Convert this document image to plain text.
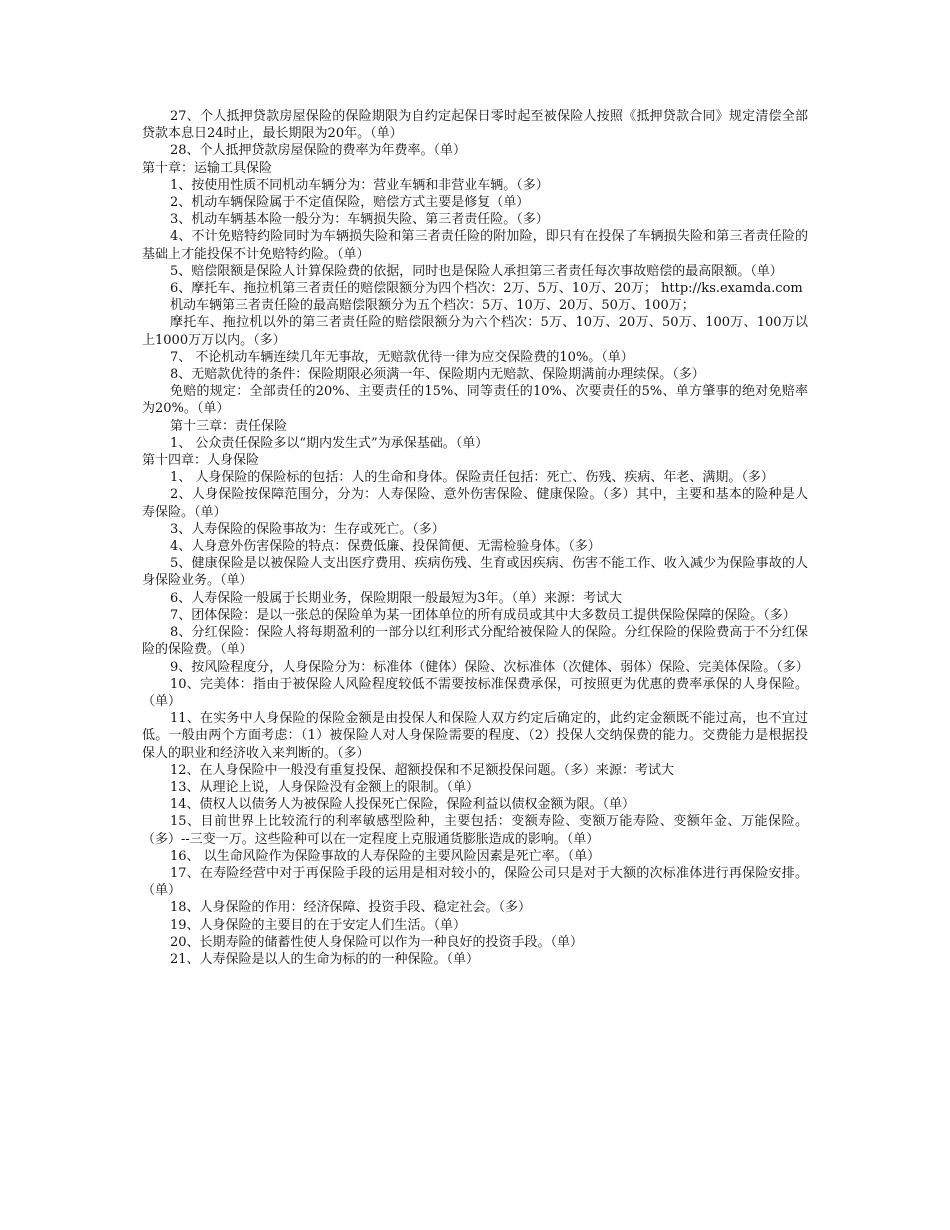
27、个人抵押贷款房屋保险的保险期限为自约定起保日零时起至被保险人按照《抵押贷款合同》规定清偿全部贷款本息日24时止，最长期限为20年。（单）

28、个人抵押贷款房屋保险的费率为年费率。（单）

第十章：运输工具保险

1、按使用性质不同机动车辆分为：营业车辆和非营业车辆。（多）

2、机动车辆保险属于不定值保险，赔偿方式主要是修复（单）

3、机动车辆基本险一般分为：车辆损失险、第三者责任险。（多）

4、不计免赔特约险同时为车辆损失险和第三者责任险的附加险，即只有在投保了车辆损失险和第三者责任险的基础上才能投保不计免赔特约险。（单）

5、赔偿限额是保险人计算保险费的依据，同时也是保险人承担第三者责任每次事故赔偿的最高限额。（单）

6、摩托车、拖拉机第三者责任的赔偿限额分为四个档次：2万、5万、10万、20万； http://ks.examda.com

机动车辆第三者责任险的最高赔偿限额分为五个档次：5万、10万、20万、50万、100万；

摩托车、拖拉机以外的第三者责任险的赔偿限额分为六个档次：5万、10万、20万、50万、100万、100万以上1000万万以内。（多）

7、 不论机动车辆连续几年无事故，无赔款优待一律为应交保险费的10%。（单）

8、无赔款优待的条件：保险期限必须满一年、保险期内无赔款、保险期满前办理续保。（多）

免赔的规定：全部责任的20%、主要责任的15%、同等责任的10%、次要责任的5%、单方肇事的绝对免赔率为20%。（单）

第十三章：责任保险

1、 公众责任保险多以“期内发生式”为承保基础。（单）

第十四章：人身保险

1、 人身保险的保险标的包括：人的生命和身体。保险责任包括：死亡、伤残、疾病、年老、满期。（多）

2、人身保险按保障范围分，分为：人寿保险、意外伤害保险、健康保险。（多）其中，主要和基本的险种是人寿保险。（单）

3、人寿保险的保险事故为：生存或死亡。（多）

4、人身意外伤害保险的特点：保费低廉、投保简便、无需检验身体。（多）

5、健康保险是以被保险人支出医疗费用、疾病伤残、生育或因疾病、伤害不能工作、收入减少为保险事故的人身保险业务。（单）

6、人寿保险一般属于长期业务，保险期限一般最短为3年。（单）来源：考试大

7、团体保险：是以一张总的保险单为某一团体单位的所有成员或其中大多数员工提供保险保障的保险。（多）

8、分红保险：保险人将每期盈利的一部分以红利形式分配给被保险人的保险。分红保险的保险费高于不分红保险的保险费。（单）

9、按风险程度分，人身保险分为：标准体（健体）保险、次标准体（次健体、弱体）保险、完美体保险。（多）

10、完美体：指由于被保险人风险程度较低不需要按标准保费承保，可按照更为优惠的费率承保的人身保险。（单）

11、在实务中人身保险的保险金额是由投保人和保险人双方约定后确定的，此约定金额既不能过高，也不宜过低。一般由两个方面考虑：（1）被保险人对人身保险需要的程度、（2）投保人交纳保费的能力。交费能力是根据投保人的职业和经济收入来判断的。（多）

12、在人身保险中一般没有重复投保、超额投保和不足额投保问题。（多）来源：考试大

13、从理论上说，人身保险没有金额上的限制。（单）

14、债权人以债务人为被保险人投保死亡保险，保险利益以债权金额为限。（单）

15、目前世界上比较流行的利率敏感型险种，主要包括：变额寿险、变额万能寿险、变额年金、万能保险。（多）--三变一万。这些险种可以在一定程度上克服通货膨胀造成的影响。（单）

16、 以生命风险作为保险事故的人寿保险的主要风险因素是死亡率。（单）

17、在寿险经营中对于再保险手段的运用是相对较小的，保险公司只是对于大额的次标准体进行再保险安排。（单）

18、人身保险的作用：经济保障、投资手段、稳定社会。（多）

19、人身保险的主要目的在于安定人们生活。（单）

20、长期寿险的储蓄性使人身保险可以作为一种良好的投资手段。（单）

21、人寿保险是以人的生命为标的的一种保险。（单）
